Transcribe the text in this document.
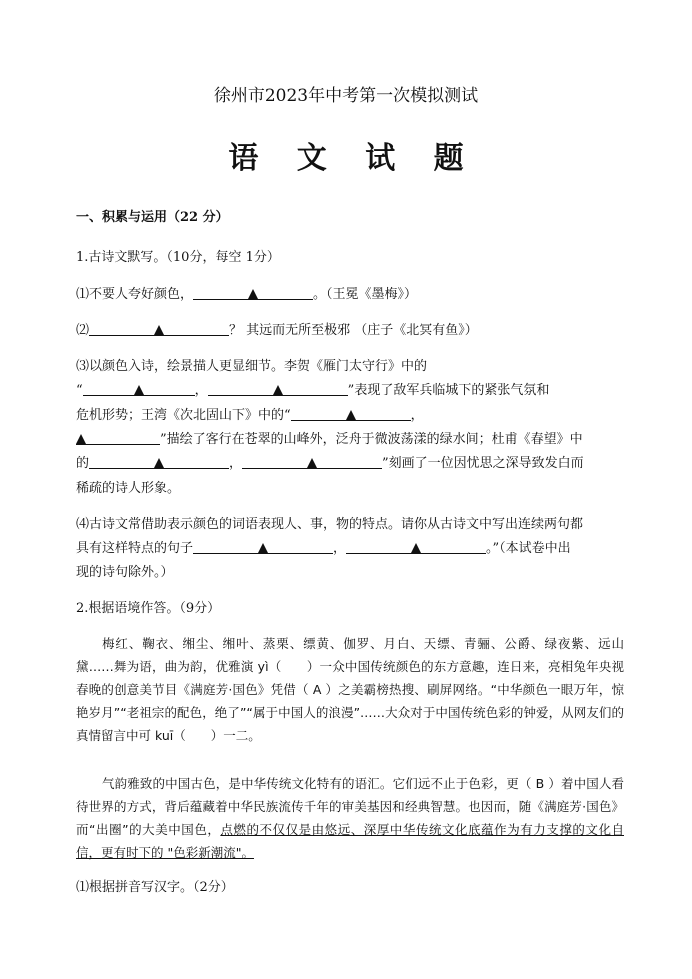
徐州市2023年中考第一次模拟测试
语 文 试 题
一、积累与运用（22 分）
1.古诗文默写。（10分，每空 1分）
⑴不要人夸好颜色，	。（王冕《墨梅》）
⑵	？ 其远而无所至极邪 （庄子《北冥有鱼》）
⑶以颜色入诗，绘景描人更显细节。李贺《雁门太守行》中的
“	，	”表现了敌军兵临城下的紧张气氛和
危机形势；王湾《次北固山下》中的“	，
”描绘了客行在苍翠的山峰外，泛舟于微波荡漾的绿水间；杜甫《春望》中
的	，	”刻画了一位因忧思之深导致发白而
稀疏的诗人形象。
⑷古诗文常借助表示颜色的词语表现人、事，物的特点。请你从古诗文中写出连续两句都
具有这样特点的句子	，	。”（本试卷中出
现的诗句除外。）
2.根据语境作答。（9分）
梅红、鞠衣、缃尘、缃叶、蒸栗、缥黄、伽罗、月白、天缥、青骊、公爵、绿夜紫、远山黛……舞为语，曲为韵，优雅演 yì（　　）一众中国传统颜色的东方意趣，连日来，亮相兔年央视春晚的创意美节目《满庭芳·国色》凭借（ A ）之美霸榜热搜、刷屏网络。“中华颜色一眼万年，惊艳岁月”“老祖宗的配色，绝了”“属于中国人的浪漫”……大众对于中国传统色彩的钟爱，从网友们的真情留言中可 kuī（　　）一二。
气韵雅致的中国古色，是中华传统文化特有的语汇。它们远不止于色彩，更（ B ）着中国人看待世界的方式，背后蕴藏着中华民族流传千年的审美基因和经典智慧。也因而，随《满庭芳·国色》而“出圈”的大美中国色，点燃的不仅仅是由悠远、深厚中华传统文化底蕴作为有力支撑的文化自信，更有时下的 "色彩新潮流"。
⑴根据拼音写汉字。（2分）
